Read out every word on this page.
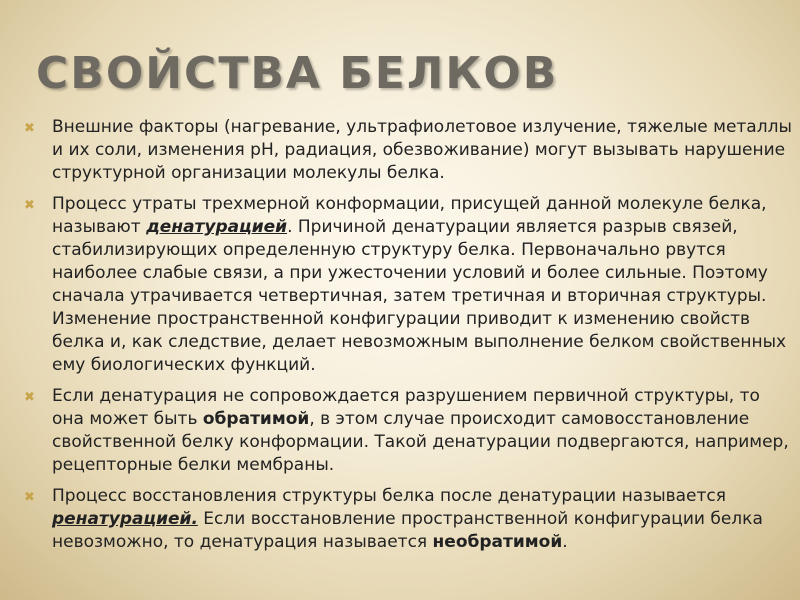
СВОЙСТВА БЕЛКОВ
✖ Внешние факторы (нагревание, ультрафиолетовое излучение, тяжелые металлы и их соли, изменения pH, радиация, обезвоживание) могут вызывать нарушение структурной организации молекулы белка.
✖ Процесс утраты трехмерной конформации, присущей данной молекуле белка, называют денатурацией. Причиной денатурации является разрыв связей, стабилизирующих определенную структуру белка. Первоначально рвутся наиболее слабые связи, а при ужесточении условий и более сильные. Поэтому сначала утрачивается четвертичная, затем третичная и вторичная структуры. Изменение пространственной конфигурации приводит к изменению свойств белка и, как следствие, делает невозможным выполнение белком свойственных ему биологических функций.
✖ Если денатурация не сопровождается разрушением первичной структуры, то она может быть обратимой, в этом случае происходит самовосстановление свойственной белку конформации. Такой денатурации подвергаются, например, рецепторные белки мембраны.
✖ Процесс восстановления структуры белка после денатурации называется ренатурацией. Если восстановление пространственной конфигурации белка невозможно, то денатурация называется необратимой.
